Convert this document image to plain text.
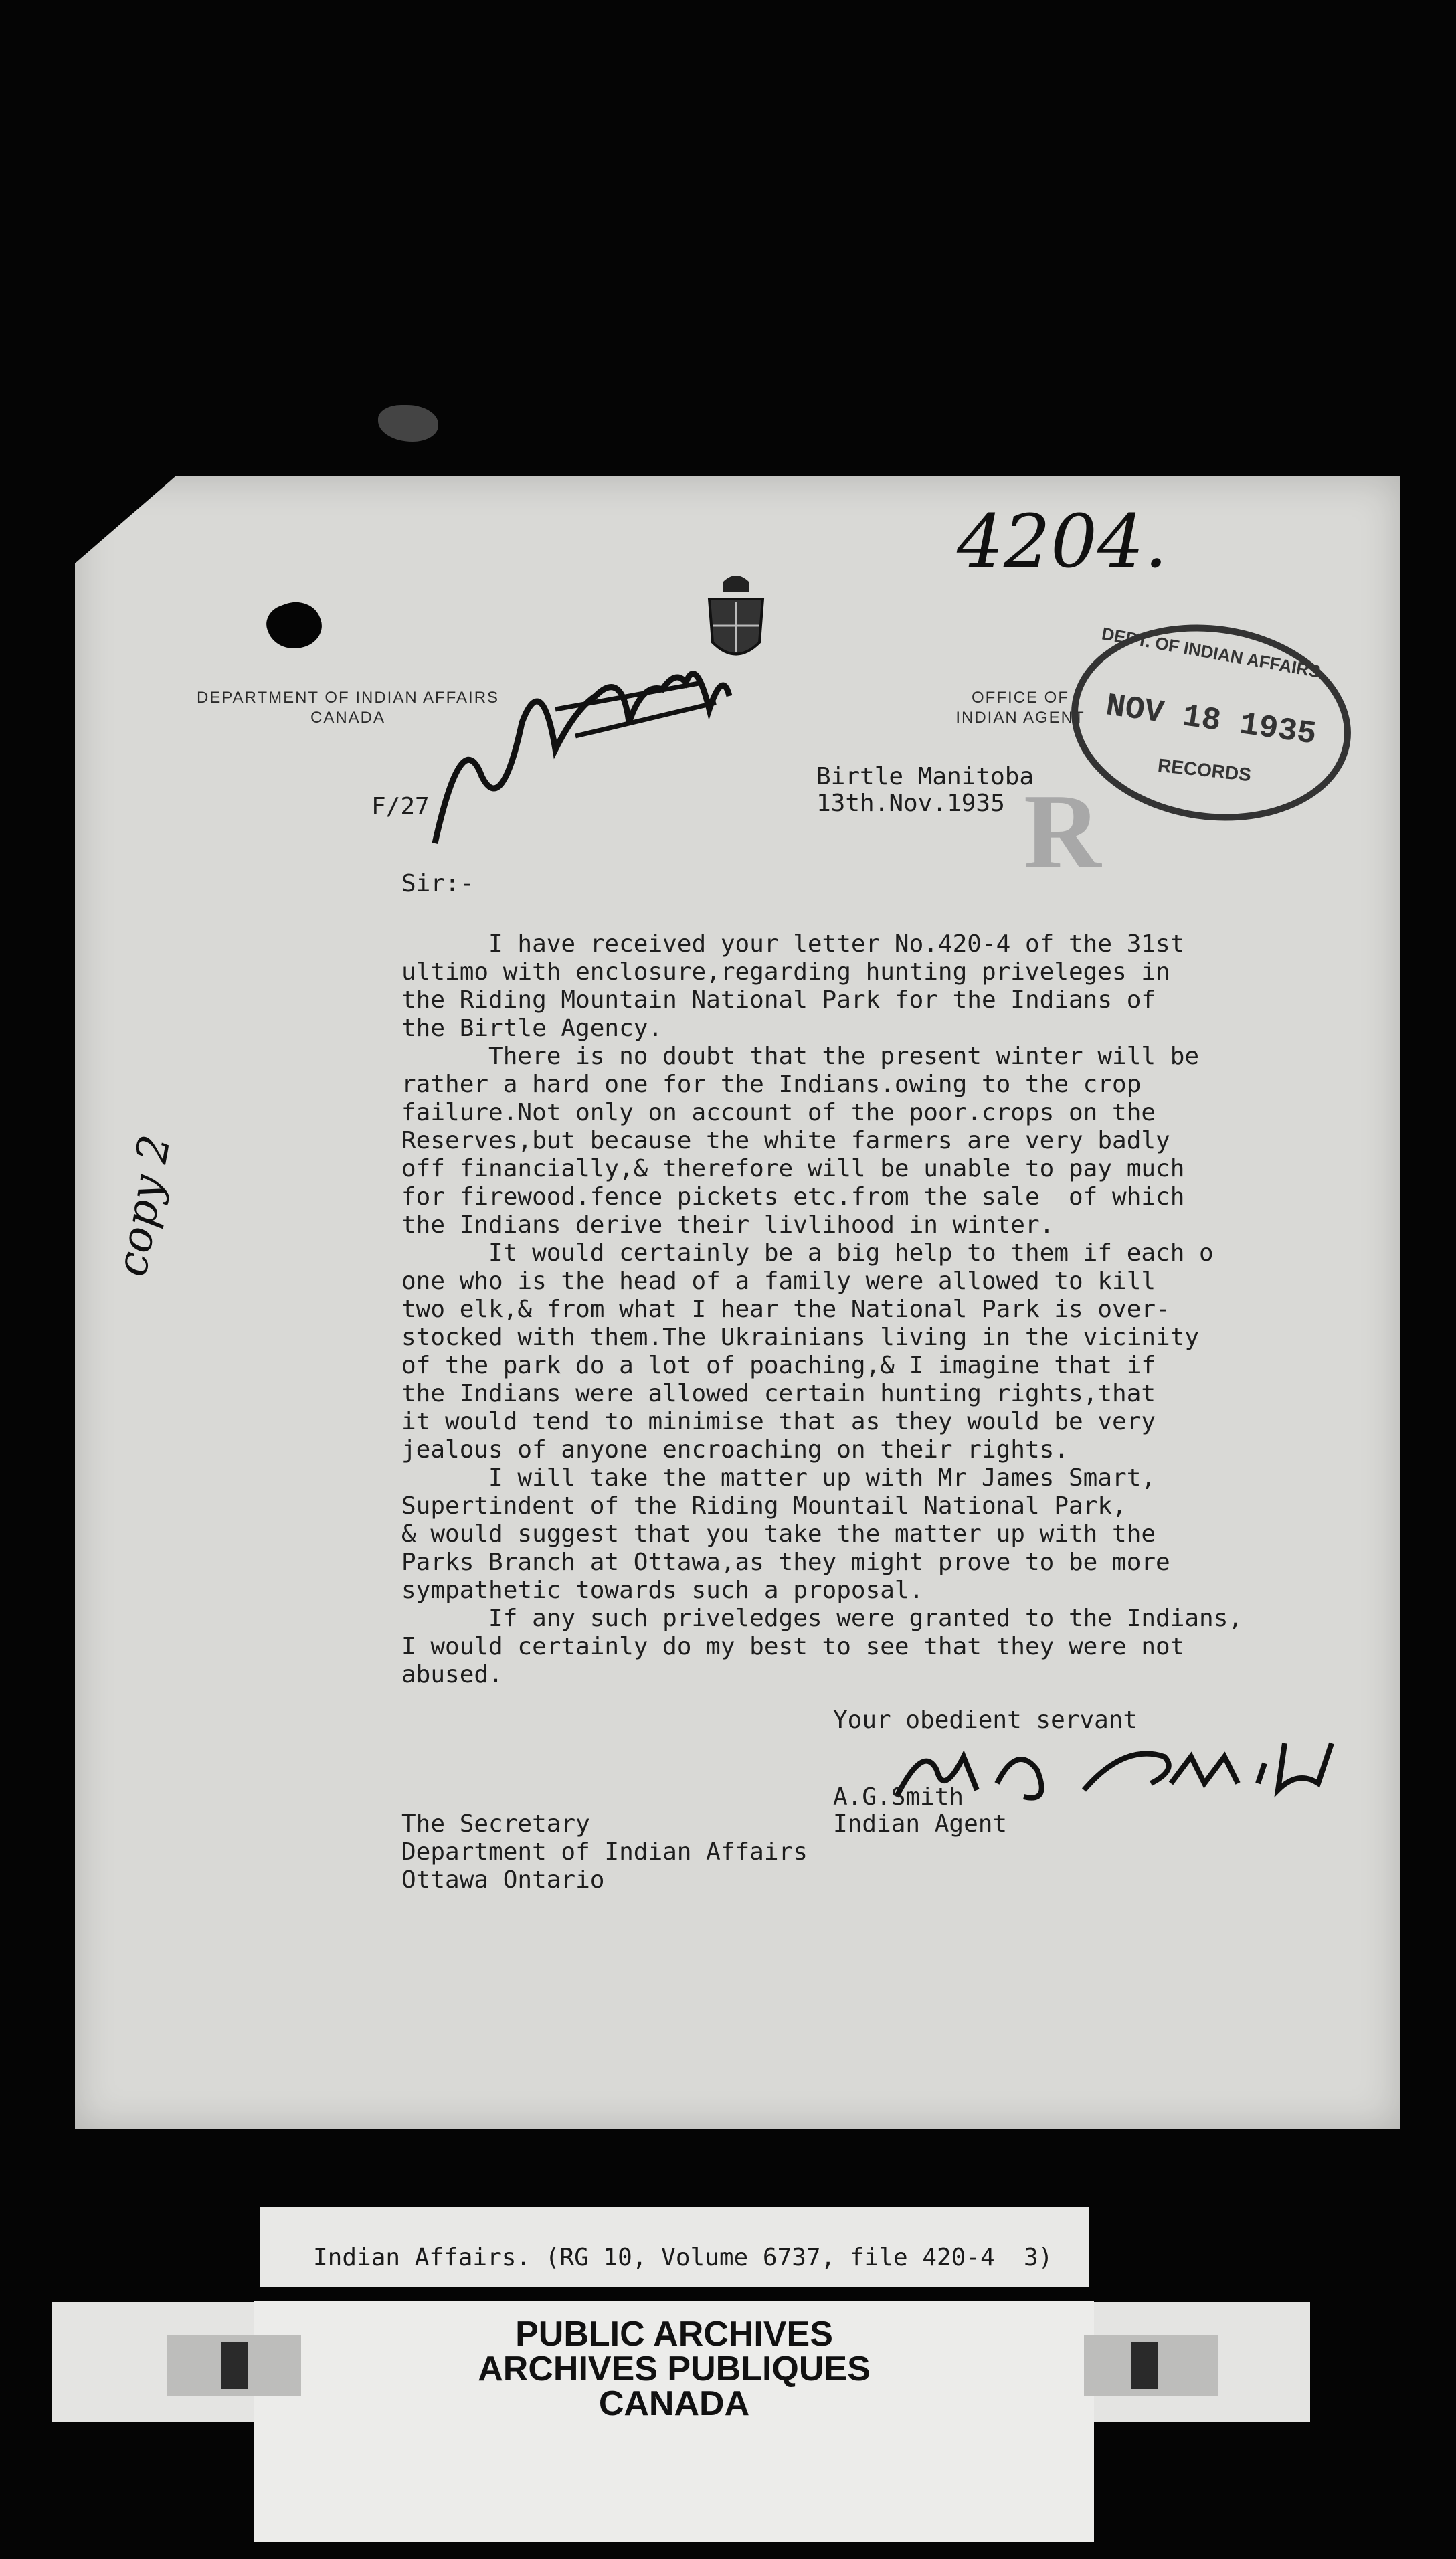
DEPARTMENT OF INDIAN AFFAIRS
CANADA
OFFICE OF
INDIAN AGENT
4204.
F/27
copy 2
DEPT. OF INDIAN AFFAIRS
NOV 18 1935
RECORDS
R
Birtle Manitoba
13th.Nov.1935
Sir:-
I have received your letter No.420-4 of the 31st
ultimo with enclosure,regarding hunting priveleges in
the Riding Mountain National Park for the Indians of
the Birtle Agency.
There is no doubt that the present winter will be
rather a hard one for the Indians.owing to the crop
failure.Not only on account of the poor.crops on the
Reserves,but because the white farmers are very badly
off financially,& therefore will be unable to pay much
for firewood.fence pickets etc.from the sale  of which
the Indians derive their livlihood in winter.
It would certainly be a big help to them if each o
one who is the head of a family were allowed to kill
two elk,& from what I hear the National Park is over-
stocked with them.The Ukrainians living in the vicinity
of the park do a lot of poaching,& I imagine that if
the Indians were allowed certain hunting rights,that
it would tend to minimise that as they would be very
jealous of anyone encroaching on their rights.
I will take the matter up with Mr James Smart,
Supertindent of the Riding Mountail National Park,
& would suggest that you take the matter up with the
Parks Branch at Ottawa,as they might prove to be more
sympathetic towards such a proposal.
If any such priveledges were granted to the Indians,
I would certainly do my best to see that they were not
abused.
Your obedient servant
A.G.Smith
Indian Agent
The Secretary
Department of Indian Affairs
Ottawa Ontario
Indian Affairs. (RG 10, Volume 6737, file 420-4  3)
PUBLIC ARCHIVES
ARCHIVES PUBLIQUES
CANADA
